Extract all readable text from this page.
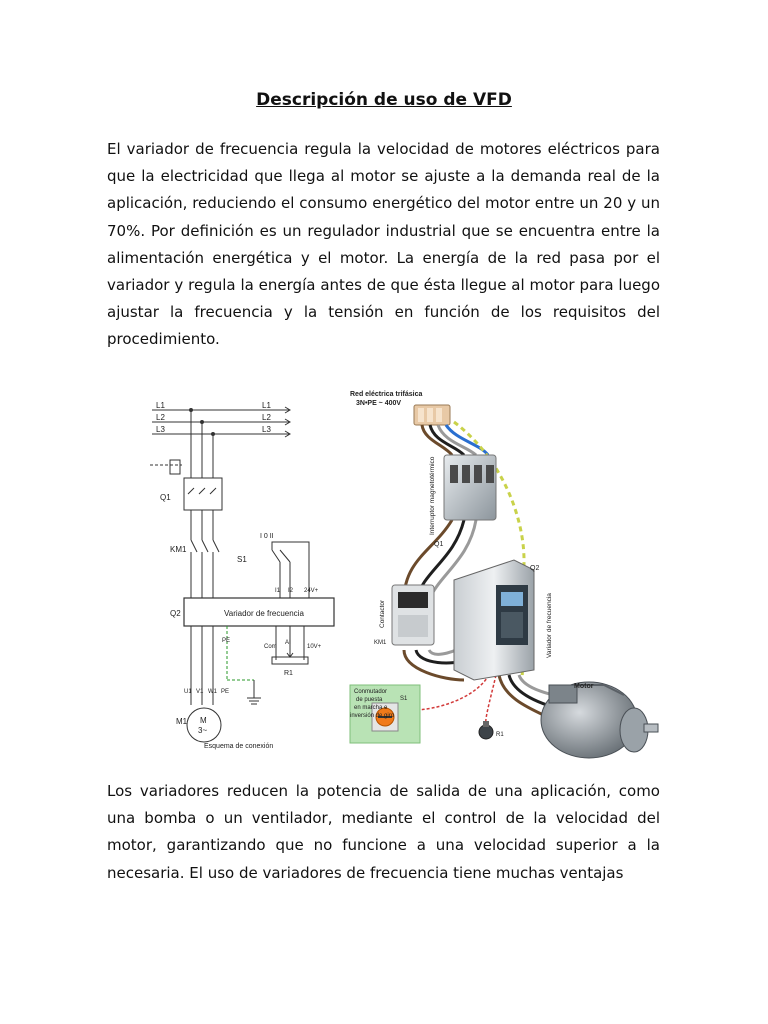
Descripción de uso de VFD
El variador de frecuencia regula la velocidad de motores eléctricos para que la electricidad que llega al motor se ajuste a la demanda real de la aplicación, reduciendo el consumo energético del motor entre un 20 y un 70%. Por definición es un regulador industrial que se encuentra entre la alimentación energética y el motor. La energía de la red pasa por el variador y regula la energía antes de que ésta llegue al motor para luego ajustar la frecuencia y la tensión en función de los requisitos del procedimiento.
L1
L2
L3
L1
L2
L3
Q1
KM1
S1
I 0 II
Q2	Variador de frecuencia
I1 I2 24V+
Com
AI
10V+
PE
R1
U1 V1 W1 PE
M1 M
3~
Esquema de conexión
Red eléctrica trifásica
3N•PE ~ 400V
Interruptor magnetotérmico
Q1
Contactor
KM1
Q2
Variador de frecuencia
Motor
S1
Conmutador
de puesta
en marcha e
inversión de giro
R1
Los variadores reducen la potencia de salida de una aplicación, como una bomba o un ventilador, mediante el control de la velocidad del motor, garantizando que no funcione a una velocidad superior a la necesaria. El uso de variadores de frecuencia tiene muchas ventajas
